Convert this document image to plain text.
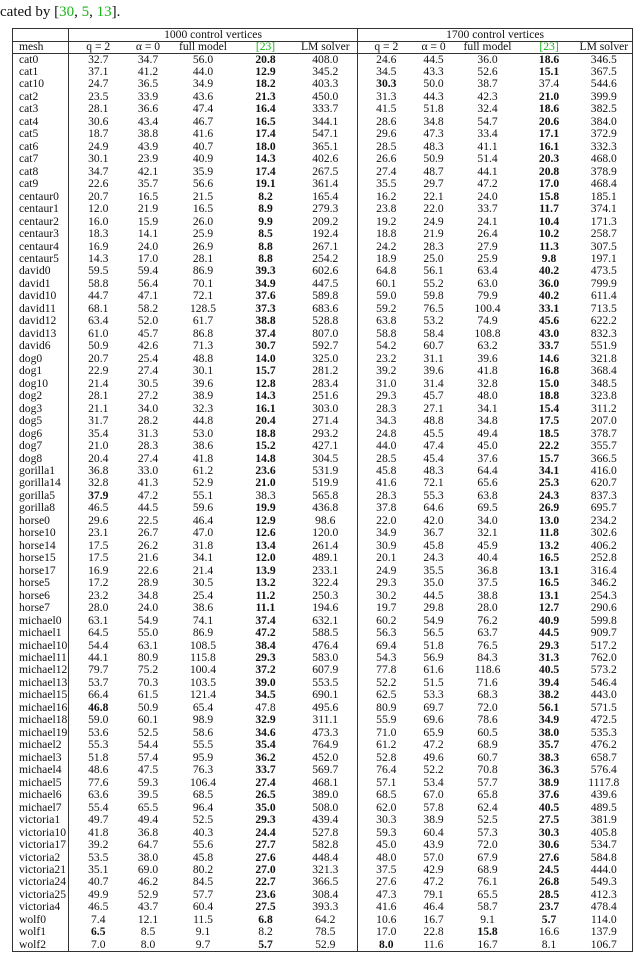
cated by [30, 5, 13].
	1000 control vertices					1700 control vertices				
mesh	q = 2	α = 0	full model	[23]	LM solver	q = 2	α = 0	full model	[23]	LM solver
cat0	32.7	34.7	56.0	20.8	408.0	24.6	44.5	36.0	18.6	346.5
cat1	37.1	41.2	44.0	12.9	345.2	34.5	43.3	52.6	15.1	367.5
cat10	24.7	36.5	34.9	18.2	403.3	30.3	50.0	38.7	37.4	544.6
cat2	23.5	33.9	43.6	21.3	450.0	31.3	44.3	42.3	21.0	399.9
cat3	28.1	36.6	47.4	16.4	333.7	41.5	51.8	32.4	18.6	382.5
cat4	30.6	43.4	46.7	16.5	344.1	28.6	34.8	54.7	20.6	384.0
cat5	18.7	38.8	41.6	17.4	547.1	29.6	47.3	33.4	17.1	372.9
cat6	24.9	43.9	40.7	18.0	365.1	28.5	48.3	41.1	16.1	332.3
cat7	30.1	23.9	40.9	14.3	402.6	26.6	50.9	51.4	20.3	468.0
cat8	34.7	42.1	35.9	17.4	267.5	27.4	48.7	44.1	20.8	378.9
cat9	22.6	35.7	56.6	19.1	361.4	35.5	29.7	47.2	17.0	468.4
centaur0	20.7	16.5	21.5	8.2	165.4	16.2	22.1	24.0	15.8	185.1
centaur1	12.0	21.9	16.5	8.9	279.3	23.8	22.0	33.7	11.7	374.1
centaur2	16.0	15.9	26.0	9.9	209.2	19.2	24.9	24.1	10.4	171.3
centaur3	18.3	14.1	25.9	8.5	192.4	18.8	21.9	26.4	10.2	258.7
centaur4	16.9	24.0	26.9	8.8	267.1	24.2	28.3	27.9	11.3	307.5
centaur5	14.3	17.0	28.1	8.8	254.2	18.9	25.0	25.9	9.8	197.1
david0	59.5	59.4	86.9	39.3	602.6	64.8	56.1	63.4	40.2	473.5
david1	58.8	56.4	70.1	34.9	447.5	60.1	55.2	63.0	36.0	799.9
david10	44.7	47.1	72.1	37.6	589.8	59.0	59.8	79.9	40.2	611.4
david11	68.1	58.2	128.5	37.3	683.6	59.2	76.5	100.4	33.1	713.5
david12	63.4	52.0	61.7	38.8	528.8	63.8	53.2	74.9	45.6	622.2
david13	61.0	45.7	86.8	37.4	807.0	58.8	58.4	108.8	43.0	832.3
david6	50.9	42.6	71.3	30.7	592.7	54.2	60.7	63.2	33.7	551.9
dog0	20.7	25.4	48.8	14.0	325.0	23.2	31.1	39.6	14.6	321.8
dog1	22.9	27.4	30.1	15.7	281.2	39.2	39.6	41.8	16.8	368.4
dog10	21.4	30.5	39.6	12.8	283.4	31.0	31.4	32.8	15.0	348.5
dog2	28.1	27.2	38.9	14.3	251.6	29.3	45.7	48.0	18.8	323.8
dog3	21.1	34.0	32.3	16.1	303.0	28.3	27.1	34.1	15.4	311.2
dog5	31.7	28.2	44.8	20.4	271.4	34.3	48.8	34.8	17.5	207.0
dog6	35.4	31.3	53.0	18.8	293.2	24.8	45.5	49.4	18.5	378.7
dog7	21.0	28.3	38.6	15.2	427.1	44.0	47.4	45.0	22.2	355.7
dog8	20.4	27.4	41.8	14.8	304.5	28.5	45.4	37.6	15.7	366.5
gorilla1	36.8	33.0	61.2	23.6	531.9	45.8	48.3	64.4	34.1	416.0
gorilla14	32.8	41.3	52.9	21.0	519.9	41.6	72.1	65.6	25.3	620.7
gorilla5	37.9	47.2	55.1	38.3	565.8	28.3	55.3	63.8	24.3	837.3
gorilla8	46.5	44.5	59.6	19.9	436.8	37.8	64.6	69.5	26.9	695.7
horse0	29.6	22.5	46.4	12.9	98.6	22.0	42.0	34.0	13.0	234.2
horse10	23.1	26.7	47.0	12.6	120.0	34.9	36.7	32.1	11.8	302.6
horse14	17.5	26.2	31.8	13.4	261.4	30.9	45.8	45.9	13.2	406.2
horse15	17.5	21.6	34.1	12.0	489.1	20.1	24.3	40.4	16.5	252.8
horse17	16.9	22.6	21.4	13.9	233.1	24.9	35.5	36.8	13.1	316.4
horse5	17.2	28.9	30.5	13.2	322.4	29.3	35.0	37.5	16.5	346.2
horse6	23.2	34.8	25.4	11.2	250.3	30.2	44.5	38.8	13.1	254.3
horse7	28.0	24.0	38.6	11.1	194.6	19.7	29.8	28.0	12.7	290.6
michael0	63.1	54.9	74.1	37.4	632.1	60.2	54.9	76.2	40.9	599.8
michael1	64.5	55.0	86.9	47.2	588.5	56.3	56.5	63.7	44.5	909.7
michael10	54.4	63.1	108.5	38.4	476.4	69.4	51.8	76.5	29.3	517.2
michael11	44.1	80.9	115.8	29.3	583.0	54.3	56.9	84.3	31.3	762.0
michael12	79.7	75.2	100.4	37.2	607.9	77.8	61.6	118.6	40.5	573.2
michael13	53.7	70.3	103.5	39.0	553.5	52.2	51.5	71.6	39.4	546.4
michael15	66.4	61.5	121.4	34.5	690.1	62.5	53.3	68.3	38.2	443.0
michael16	46.8	50.9	65.4	47.8	495.6	80.9	69.7	72.0	56.1	571.5
michael18	59.0	60.1	98.9	32.9	311.1	55.9	69.6	78.6	34.9	472.5
michael19	53.6	52.5	58.6	34.6	473.3	71.0	65.9	60.5	38.0	535.3
michael2	55.3	54.4	55.5	35.4	764.9	61.2	47.2	68.9	35.7	476.2
michael3	51.8	57.4	95.9	36.2	452.0	52.8	49.6	60.7	38.3	658.7
michael4	48.6	47.5	76.3	33.7	569.7	76.4	52.2	70.8	36.3	576.4
michael5	77.6	59.3	106.4	27.4	468.1	57.1	53.4	57.7	38.9	1117.8
michael6	63.6	39.5	68.5	26.5	389.0	68.5	67.0	65.8	37.6	439.6
michael7	55.4	65.5	96.4	35.0	508.0	62.0	57.8	62.4	40.5	489.5
victoria1	49.7	49.4	52.5	29.3	439.4	30.3	38.9	52.5	27.5	381.9
victoria10	41.8	36.8	40.3	24.4	527.8	59.3	60.4	57.3	30.3	405.8
victoria17	39.2	64.7	55.6	27.7	582.8	45.0	43.9	72.0	30.6	534.7
victoria2	53.5	38.0	45.8	27.6	448.4	48.0	57.0	67.9	27.6	584.8
victoria21	35.1	69.0	80.2	27.0	321.3	37.5	42.9	68.9	24.5	444.0
victoria24	40.7	46.2	84.5	22.7	366.5	27.6	47.2	76.1	26.8	549.3
victoria25	49.9	52.9	57.7	23.6	308.4	47.3	79.1	65.5	28.5	412.3
victoria4	46.5	43.7	60.4	27.5	393.3	41.6	46.4	58.7	23.7	478.4
wolf0	7.4	12.1	11.5	6.8	64.2	10.6	16.7	9.1	5.7	114.0
wolf1	6.5	8.5	9.1	8.2	78.5	17.0	22.8	15.8	16.6	137.9
wolf2	7.0	8.0	9.7	5.7	52.9	8.0	11.6	16.7	8.1	106.7
